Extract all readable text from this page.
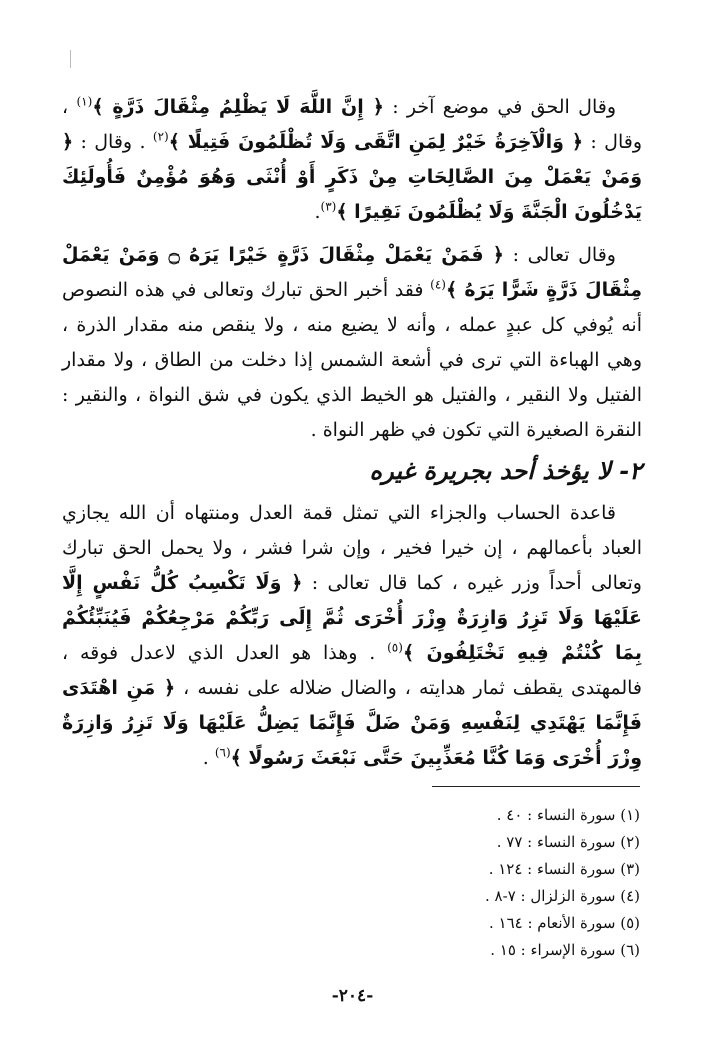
وقال الحق في موضع آخر : ﴿ إِنَّ اللَّهَ لَا يَظْلِمُ مِثْقَالَ ذَرَّةٍ ﴾$^{(١)}$ ، وقال : ﴿ وَالْآخِرَةُ خَيْرٌ لِمَنِ اتَّقَى وَلَا تُظْلَمُونَ فَتِيلًا ﴾$^{(٢)}$ . وقال : ﴿ وَمَنْ يَعْمَلْ مِنَ الصَّالِحَاتِ مِنْ ذَكَرٍ أَوْ أُنْثَى وَهُوَ مُؤْمِنٌ فَأُولَئِكَ يَدْخُلُونَ الْجَنَّةَ وَلَا يُظْلَمُونَ نَقِيرًا ﴾$^{(٣)}$.

وقال تعالى : ﴿ فَمَنْ يَعْمَلْ مِثْقَالَ ذَرَّةٍ خَيْرًا يَرَهُ ۝ وَمَنْ يَعْمَلْ مِثْقَالَ ذَرَّةٍ شَرًّا يَرَهُ ﴾$^{(٤)}$ فقد أخبر الحق تبارك وتعالى في هذه النصوص أنه يُوفي كل عبدٍ عمله ، وأنه لا يضيع منه ، ولا ينقص منه مقدار الذرة ، وهي الهباءة التي ترى في أشعة الشمس إذا دخلت من الطاق ، ولا مقدار الفتيل ولا النقير ، والفتيل هو الخيط الذي يكون في شق النواة ، والنقير : النقرة الصغيرة التي تكون في ظهر النواة .

٢- لا يؤخذ أحد بجريرة غيره

قاعدة الحساب والجزاء التي تمثل قمة العدل ومنتهاه أن الله يجازي العباد بأعمالهم ، إن خيرا فخير ، وإن شرا فشر ، ولا يحمل الحق تبارك وتعالى أحداً وزر غيره ، كما قال تعالى : ﴿ وَلَا تَكْسِبُ كُلُّ نَفْسٍ إِلَّا عَلَيْهَا وَلَا تَزِرُ وَازِرَةٌ وِزْرَ أُخْرَى ثُمَّ إِلَى رَبِّكُمْ مَرْجِعُكُمْ فَيُنَبِّئُكُمْ بِمَا كُنْتُمْ فِيهِ تَخْتَلِفُونَ ﴾$^{(٥)}$ . وهذا هو العدل الذي لاعدل فوقه ، فالمهتدى يقطف ثمار هدايته ، والضال ضلاله على نفسه ، ﴿ مَنِ اهْتَدَى فَإِنَّمَا يَهْتَدِي لِنَفْسِهِ وَمَنْ ضَلَّ فَإِنَّمَا يَضِلُّ عَلَيْهَا وَلَا تَزِرُ وَازِرَةٌ وِزْرَ أُخْرَى وَمَا كُنَّا مُعَذِّبِينَ حَتَّى نَبْعَثَ رَسُولًا ﴾$^{(٦)}$ .

(١) سورة النساء : ٤٠ .
(٢) سورة النساء : ٧٧ .
(٣) سورة النساء : ١٢٤ .
(٤) سورة الزلزال : ٧-٨ .
(٥) سورة الأنعام : ١٦٤ .
(٦) سورة الإسراء : ١٥ .
-٢٠٤-
